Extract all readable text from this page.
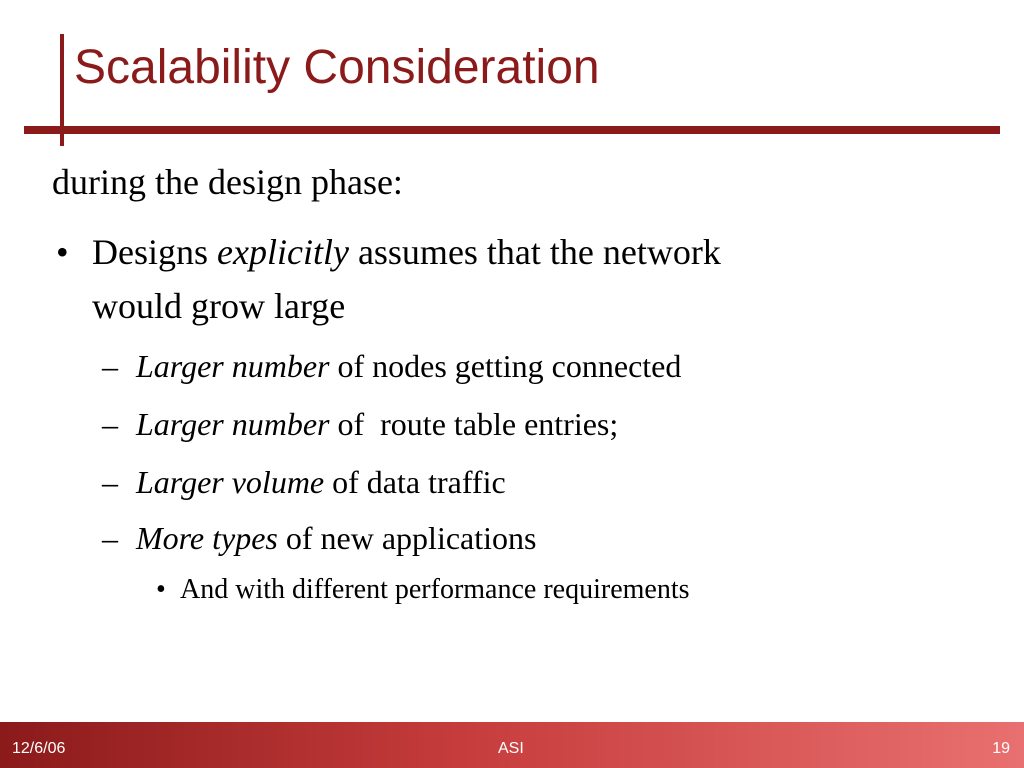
Scalability Consideration
during the design phase:
• Designs explicitly assumes that the network
would grow large
– Larger number of nodes getting connected
– Larger number of  route table entries;
– Larger volume of data traffic
– More types of new applications
• And with different performance requirements
12/6/06	ASI	19
